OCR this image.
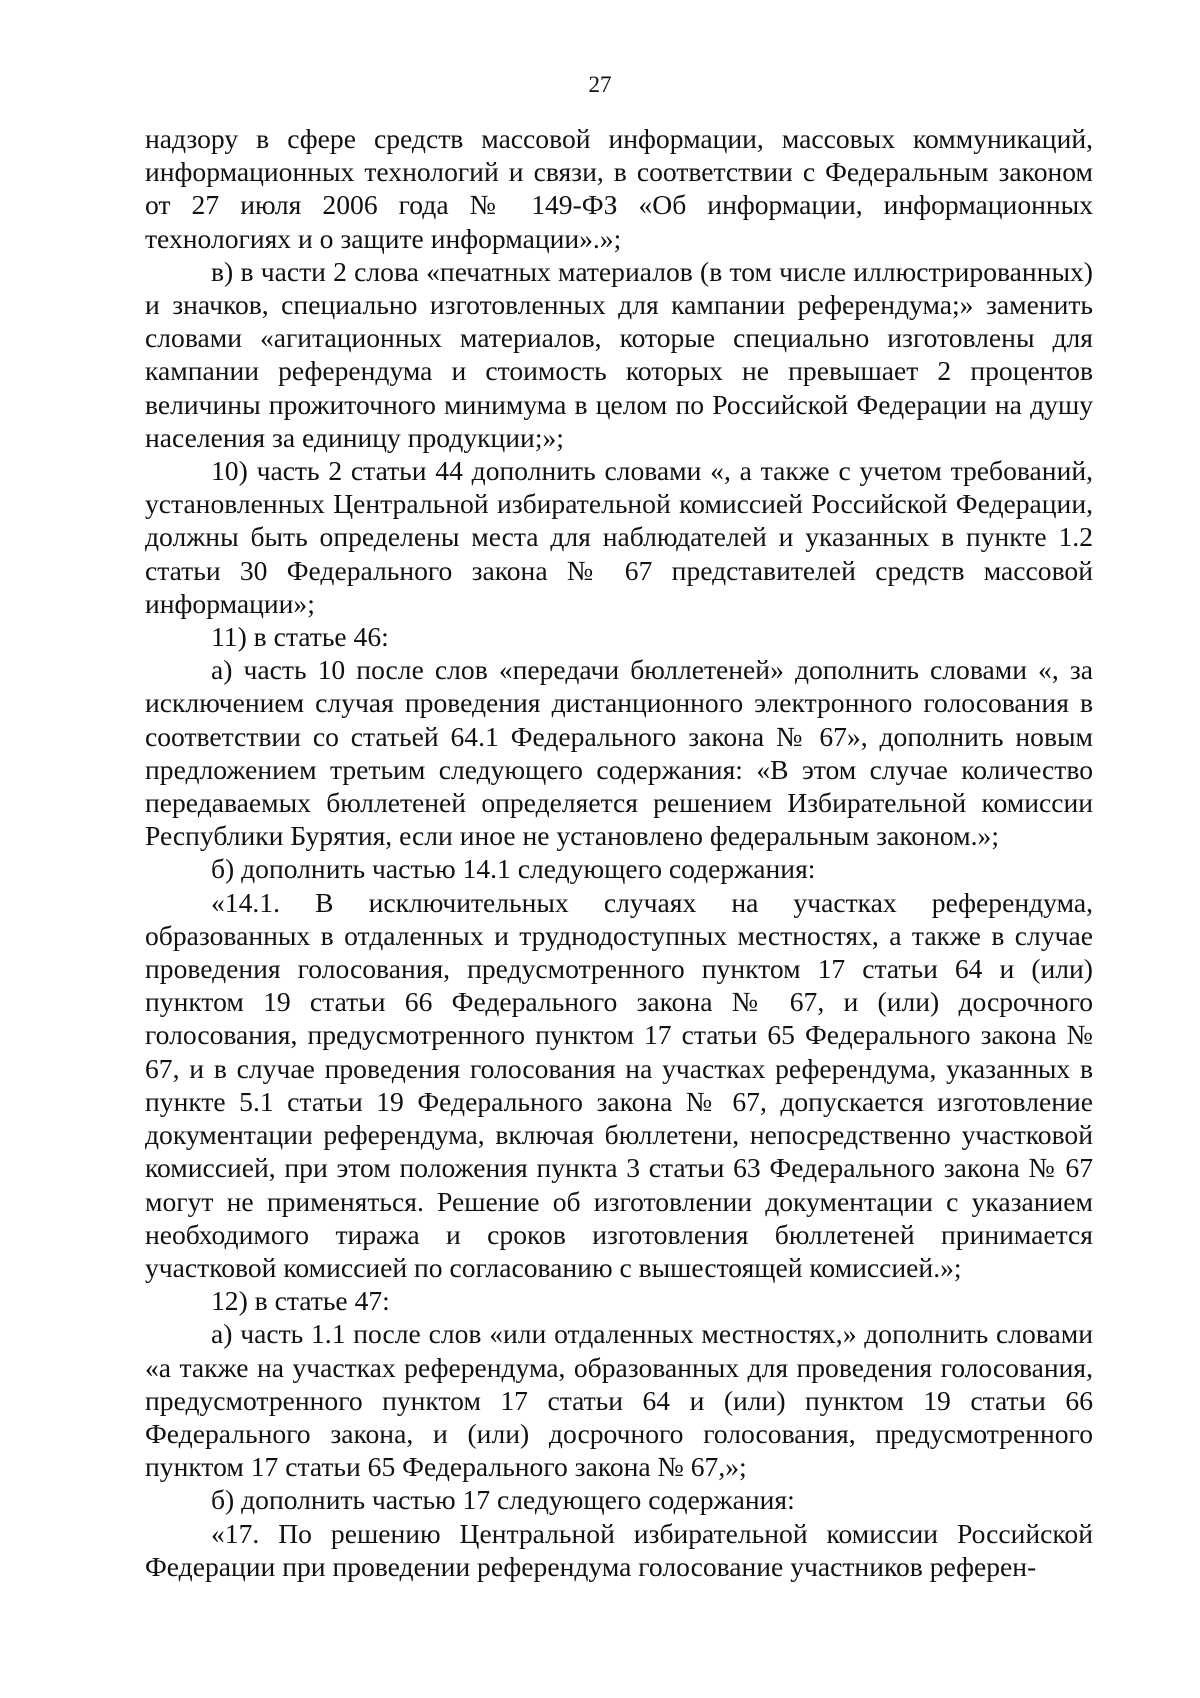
27

надзору в сфере средств массовой информации, массовых коммуникаций, информационных технологий и связи, в соответствии с Федеральным законом от 27 июля 2006 года № 149-ФЗ «Об информации, информационных технологиях и о защите информации».»;

в) в части 2 слова «печатных материалов (в том числе иллюстрированных) и значков, специально изготовленных для кампании референдума;» заменить словами «агитационных материалов, которые специально изготовлены для кампании референдума и стоимость которых не превышает 2 процентов величины прожиточного минимума в целом по Российской Федерации на душу населения за единицу продукции;»;

10) часть 2 статьи 44 дополнить словами «, а также с учетом требований, установленных Центральной избирательной комиссией Российской Федерации, должны быть определены места для наблюдателей и указанных в пункте 1.2 статьи 30 Федерального закона № 67 представителей средств массовой информации»;

11) в статье 46:

а) часть 10 после слов «передачи бюллетеней» дополнить словами «, за исключением случая проведения дистанционного электронного голосования в соответствии со статьей 64.1 Федерального закона № 67», дополнить новым предложением третьим следующего содержания: «В этом случае количество передаваемых бюллетеней определяется решением Избирательной комиссии Республики Бурятия, если иное не установлено федеральным законом.»;

б) дополнить частью 14.1 следующего содержания:

«14.1. В исключительных случаях на участках референдума, образованных в отдаленных и труднодоступных местностях, а также в случае проведения голосования, предусмотренного пунктом 17 статьи 64 и (или) пунктом 19 статьи 66 Федерального закона № 67, и (или) досрочного голосования, предусмотренного пунктом 17 статьи 65 Федерального закона № 67, и в случае проведения голосования на участках референдума, указанных в пункте 5.1 статьи 19 Федерального закона № 67, допускается изготовление документации референдума, включая бюллетени, непосредственно участковой комиссией, при этом положения пункта 3 статьи 63 Федерального закона № 67 могут не применяться. Решение об изготовлении документации с указанием необходимого тиража и сроков изготовления бюллетеней принимается участковой комиссией по согласованию с вышестоящей комиссией.»;

12) в статье 47:

а) часть 1.1 после слов «или отдаленных местностях,» дополнить словами «а также на участках референдума, образованных для проведения голосования, предусмотренного пунктом 17 статьи 64 и (или) пунктом 19 статьи 66 Федерального закона, и (или) досрочного голосования, предусмотренного пунктом 17 статьи 65 Федерального закона № 67,»;

б) дополнить частью 17 следующего содержания:

«17. По решению Центральной избирательной комиссии Российской Федерации при проведении референдума голосование участников референ-
